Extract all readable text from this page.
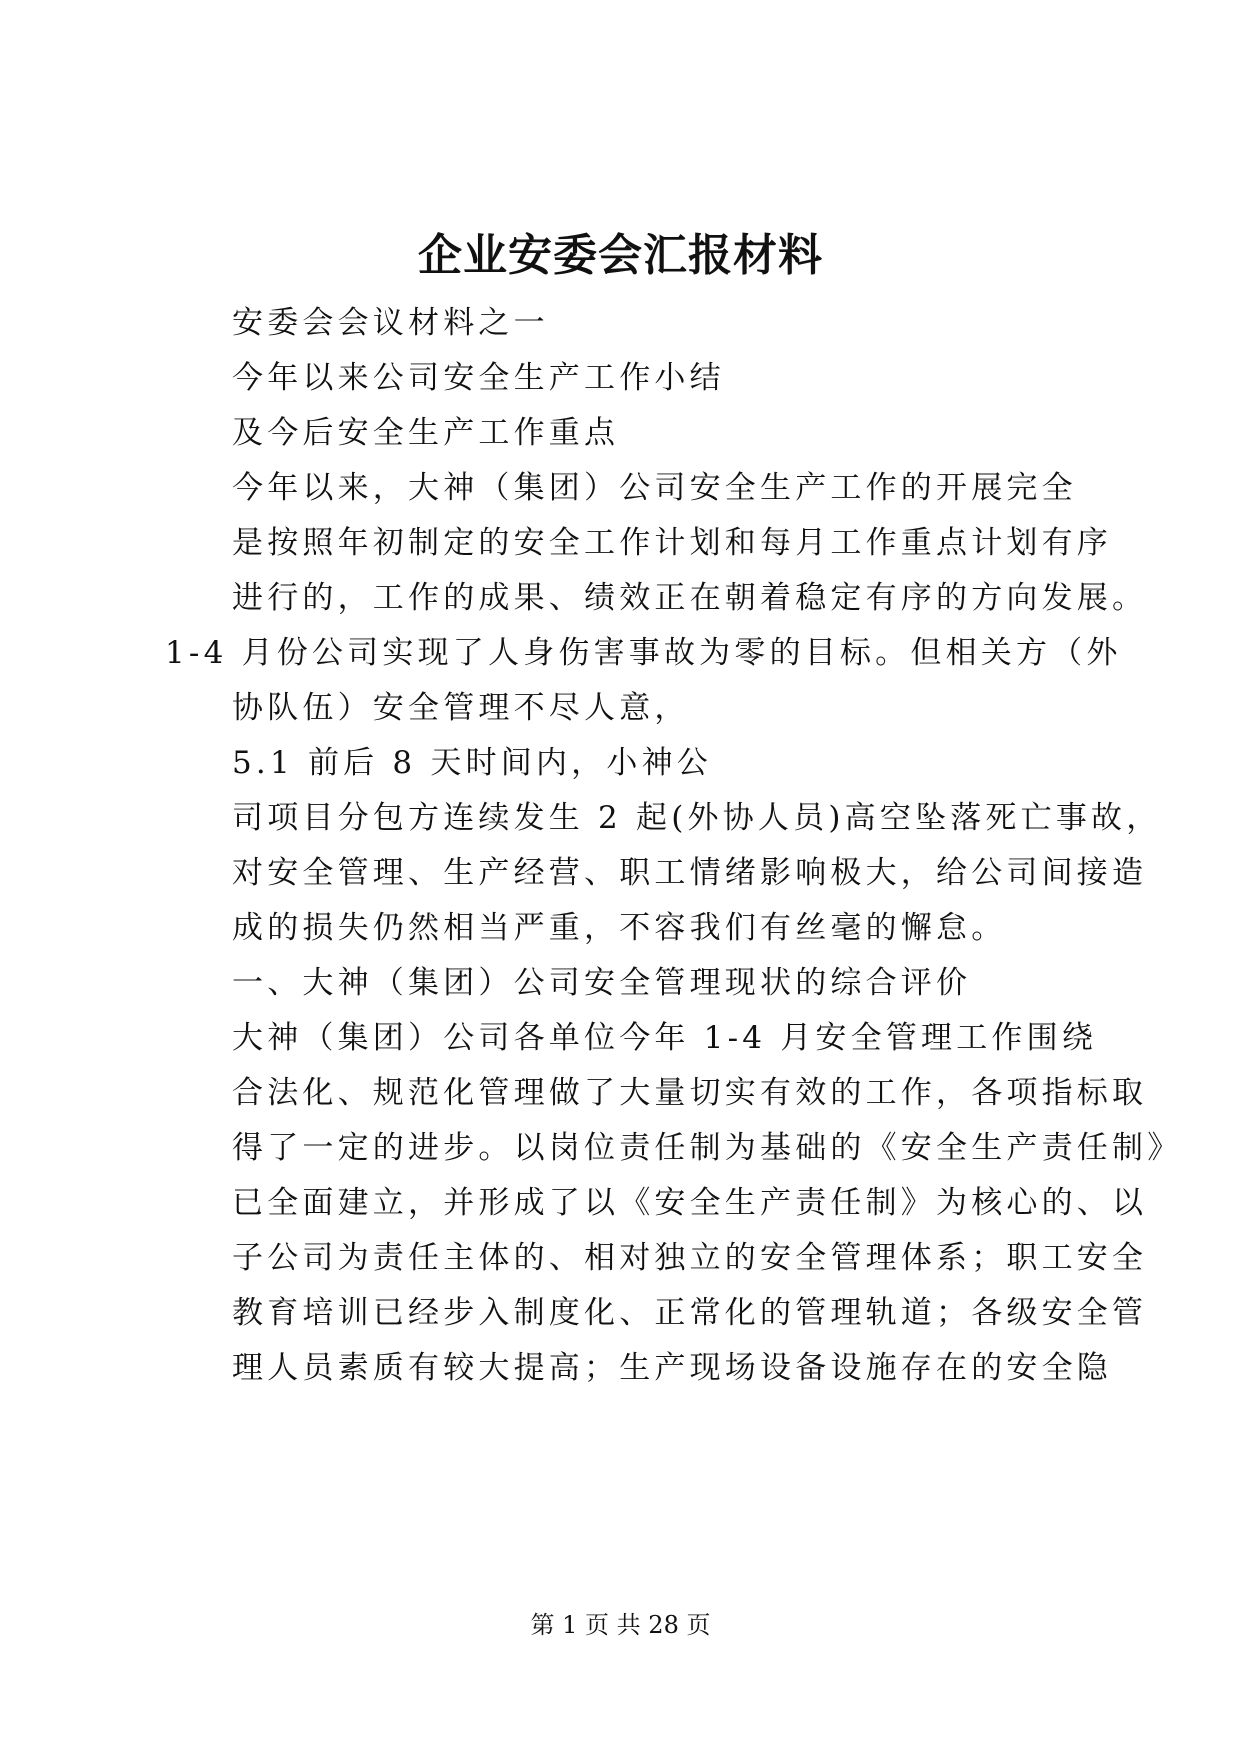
企业安委会汇报材料
安委会会议材料之一
今年以来公司安全生产工作小结
及今后安全生产工作重点
今年以来，大神（集团）公司安全生产工作的开展完全
是按照年初制定的安全工作计划和每月工作重点计划有序
进行的，工作的成果、绩效正在朝着稳定有序的方向发展。
1-4 月份公司实现了人身伤害事故为零的目标。但相关方（外
协队伍）安全管理不尽人意，
5.1 前后 8 天时间内，小神公
司项目分包方连续发生 2 起(外协人员)高空坠落死亡事故，
对安全管理、生产经营、职工情绪影响极大，给公司间接造
成的损失仍然相当严重，不容我们有丝毫的懈怠。
一、大神（集团）公司安全管理现状的综合评价
大神（集团）公司各单位今年 1-4 月安全管理工作围绕
合法化、规范化管理做了大量切实有效的工作，各项指标取
得了一定的进步。以岗位责任制为基础的《安全生产责任制》
已全面建立，并形成了以《安全生产责任制》为核心的、以
子公司为责任主体的、相对独立的安全管理体系；职工安全
教育培训已经步入制度化、正常化的管理轨道；各级安全管
理人员素质有较大提高；生产现场设备设施存在的安全隐
第 1 页 共 28 页
